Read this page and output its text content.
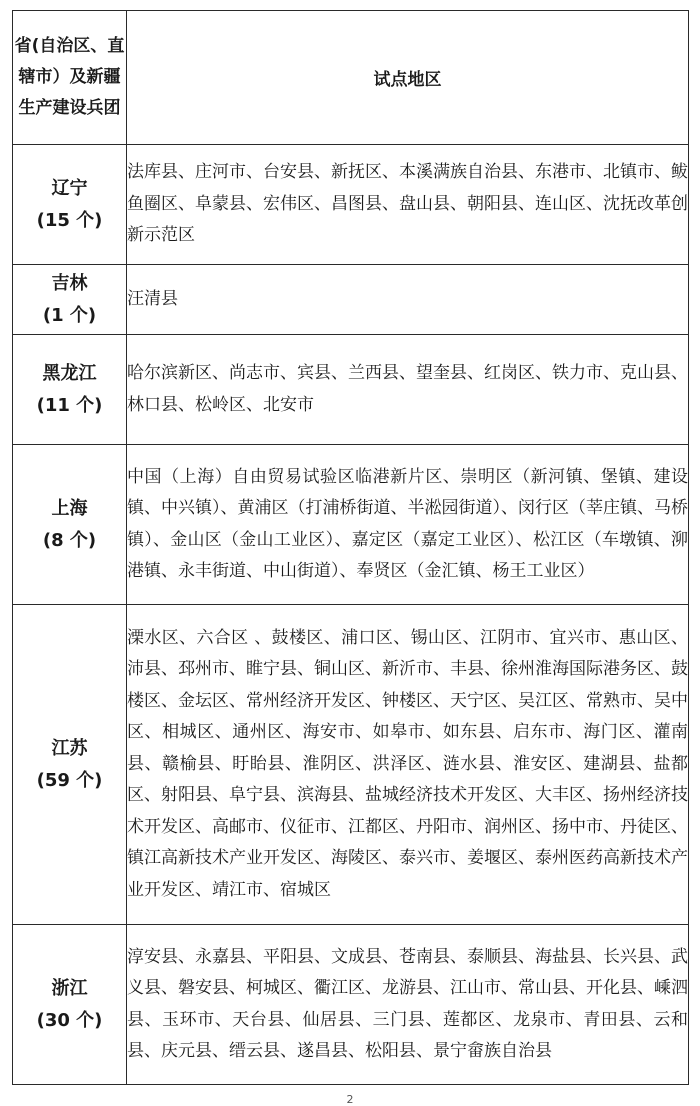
省(自治区、直辖市）及新疆生产建设兵团	试点地区

辽宁
(15 个)	法库县、庄河市、台安县、新抚区、本溪满族自治县、东港市、北镇市、鲅鱼圈区、阜蒙县、宏伟区、昌图县、盘山县、朝阳县、连山区、沈抚改革创新示范区

吉林
(1 个)	汪清县

黑龙江
(11 个)	哈尔滨新区、尚志市、宾县、兰西县、望奎县、红岗区、铁力市、克山县、林口县、松岭区、北安市

上海
(8 个)	中国（上海）自由贸易试验区临港新片区、崇明区（新河镇、堡镇、建设镇、中兴镇）、黄浦区（打浦桥街道、半淞园街道）、闵行区（莘庄镇、马桥镇）、金山区（金山工业区）、嘉定区（嘉定工业区）、松江区（车墩镇、泖港镇、永丰街道、中山街道）、奉贤区（金汇镇、杨王工业区）

江苏
(59 个)	溧水区、六合区 、鼓楼区、浦口区、锡山区、江阴市、宜兴市、惠山区、沛县、邳州市、睢宁县、铜山区、新沂市、丰县、徐州淮海国际港务区、鼓楼区、金坛区、常州经济开发区、钟楼区、天宁区、吴江区、常熟市、吴中区、相城区、通州区、海安市、如皋市、如东县、启东市、海门区、灌南县、赣榆县、盱眙县、淮阴区、洪泽区、涟水县、淮安区、建湖县、盐都区、射阳县、阜宁县、滨海县、盐城经济技术开发区、大丰区、扬州经济技术开发区、高邮市、仪征市、江都区、丹阳市、润州区、扬中市、丹徒区、镇江高新技术产业开发区、海陵区、泰兴市、姜堰区、泰州医药高新技术产业开发区、靖江市、宿城区

浙江
(30 个)	淳安县、永嘉县、平阳县、文成县、苍南县、泰顺县、海盐县、长兴县、武义县、磐安县、柯城区、衢江区、龙游县、江山市、常山县、开化县、嵊泗县、玉环市、天台县、仙居县、三门县、莲都区、龙泉市、青田县、云和县、庆元县、缙云县、遂昌县、松阳县、景宁畲族自治县
2
